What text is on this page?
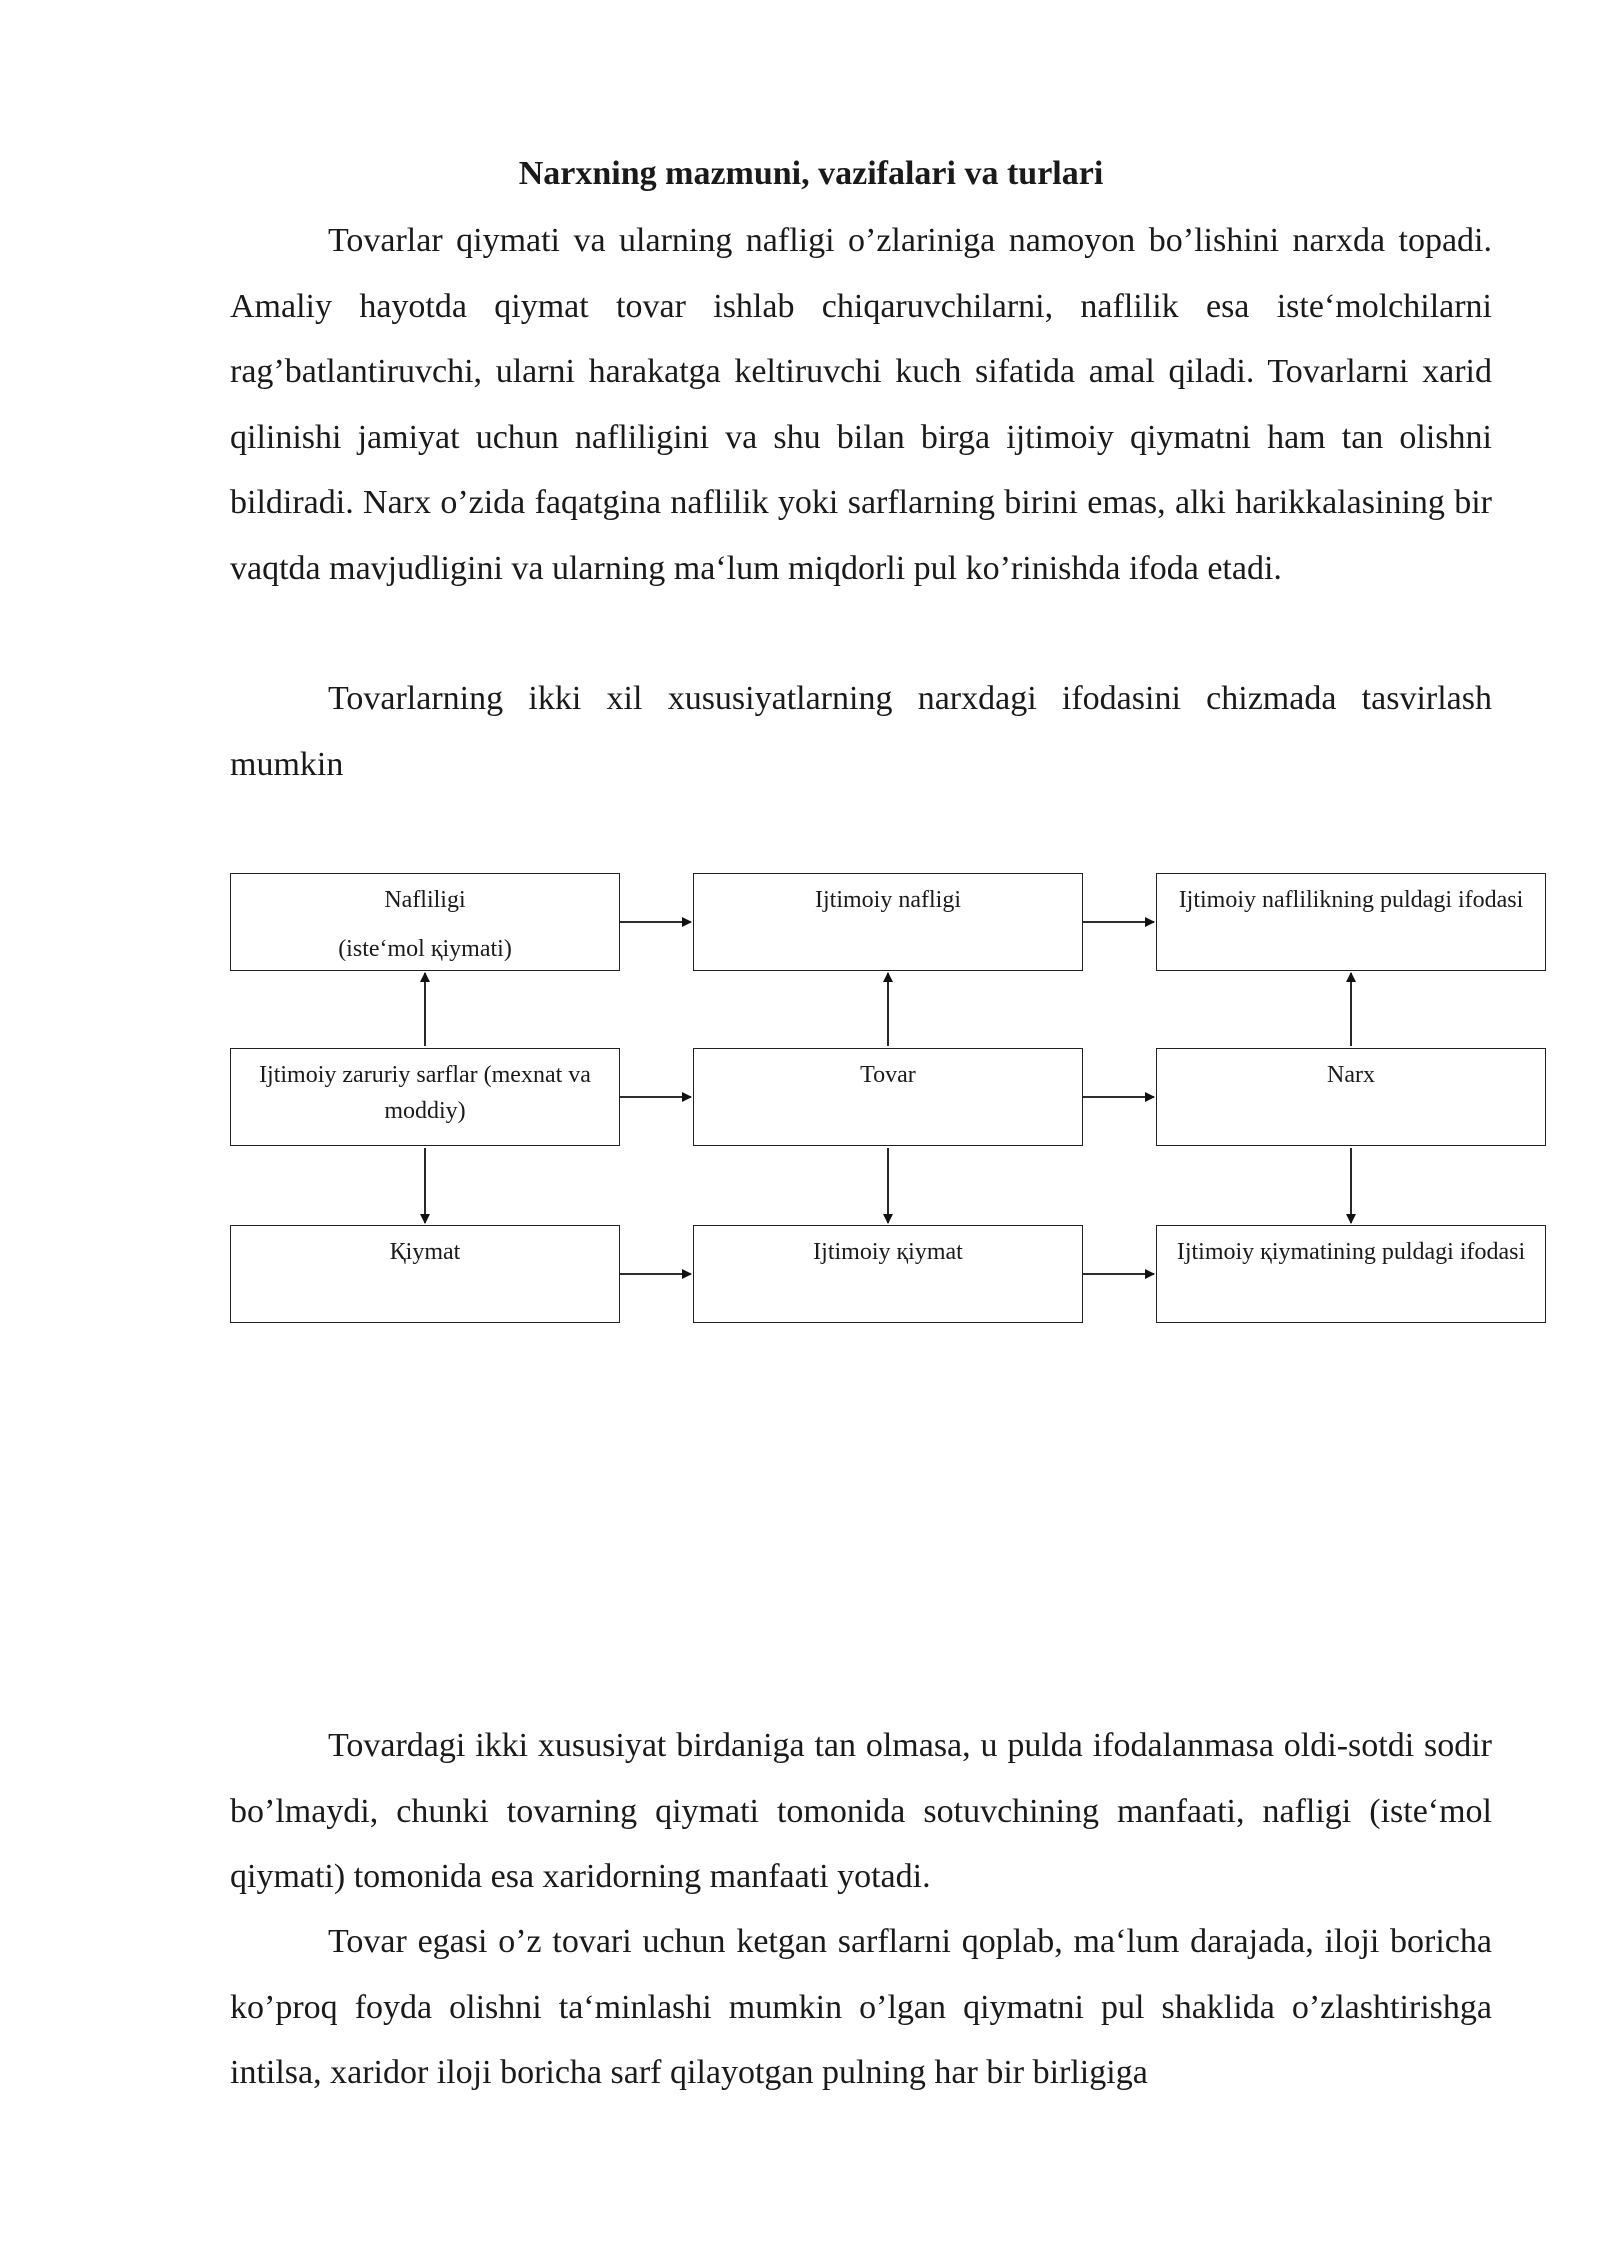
Narxning mazmuni, vazifalari va turlari

Tovarlar qiymati va ularning nafligi o’zlariniga namoyon bo’lishini narxda topadi. Amaliy hayotda qiymat tovar ishlab chiqaruvchilarni, naflilik esa iste‘molchilarni rag’batlantiruvchi, ularni harakatga keltiruvchi kuch sifatida amal qiladi. Tovarlarni xarid qilinishi jamiyat uchun nafliligini va shu bilan birga ijtimoiy qiymatni ham tan olishni bildiradi. Narx o’zida faqatgina naflilik yoki sarflarning birini emas, alki harikkalasining bir vaqtda mavjudligini va ularning ma‘lum miqdorli pul ko’rinishda ifoda etadi.

Tovarlarning ikki xil xususiyatlarning narxdagi ifodasini chizmada tasvirlash mumkin

Nafliligi
(iste‘mol қiymati)
Ijtimoiy nafligi	Ijtimoiy naflilikning puldagi ifodasi
Ijtimoiy zaruriy sarflar (meхnat va moddiy)
Tovar	Narx
Қiymat	Ijtimoiy қiymat	Ijtimoiy қiymatining puldagi ifodasi

Tovardagi ikki xususiyat birdaniga tan olmasa, u pulda ifodalanmasa oldi-sotdi sodir bo’lmaydi, chunki tovarning qiymati tomonida sotuvchining manfaati, nafligi (iste‘mol qiymati) tomonida esa xaridorning manfaati yotadi.

Tovar egasi o’z tovari uchun ketgan sarflarni qoplab, ma‘lum darajada, iloji boricha ko’proq foyda olishni ta‘minlashi mumkin o’lgan qiymatni pul shaklida o’zlashtirishga intilsa, xaridor iloji boricha sarf qilayotgan pulning har bir birligiga
